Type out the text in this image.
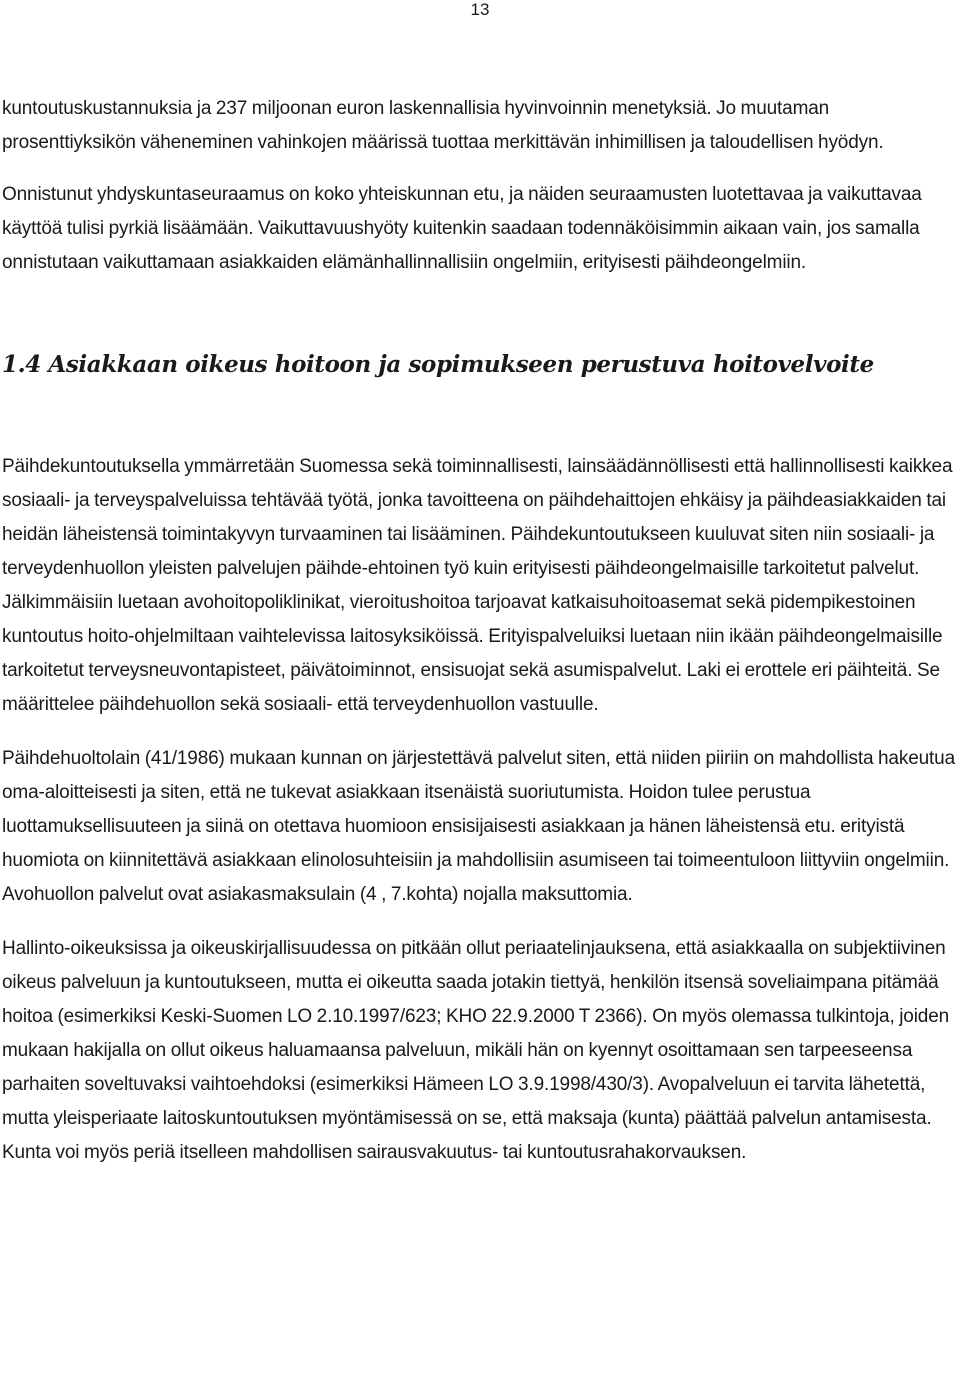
13

kuntoutuskustannuksia ja 237 miljoonan euron laskennallisia hyvinvoinnin menetyksiä. Jo muutaman prosenttiyksikön väheneminen vahinkojen määrissä tuottaa merkittävän inhimillisen ja taloudellisen hyödyn.

Onnistunut yhdyskuntaseuraamus on koko yhteiskunnan etu, ja näiden seuraamusten luotettavaa ja vaikuttavaa käyttöä tulisi pyrkiä lisäämään. Vaikuttavuushyöty kuitenkin saadaan todennäköisimmin aikaan vain, jos samalla onnistutaan vaikuttamaan asiakkaiden elämänhallinnallisiin ongelmiin, erityisesti päihdeongelmiin.

1.4 Asiakkaan oikeus hoitoon ja sopimukseen perustuva hoitovelvoite

Päihdekuntoutuksella ymmärretään Suomessa sekä toiminnallisesti, lainsäädännöllisesti että hallinnollisesti kaikkea sosiaali- ja terveyspalveluissa tehtävää työtä, jonka tavoitteena on päihdehaittojen ehkäisy ja päihdeasiakkaiden tai heidän läheistensä toimintakyvyn turvaaminen tai lisääminen. Päihdekuntoutukseen kuuluvat siten niin sosiaali- ja terveydenhuollon yleisten palvelujen päihde-ehtoinen työ kuin erityisesti päihdeongelmaisille tarkoitetut palvelut. Jälkimmäisiin luetaan avohoitopoliklinikat, vieroitushoitoa tarjoavat katkaisuhoitoasemat sekä pidempikestoinen kuntoutus hoito-ohjelmiltaan vaihtelevissa laitosyksiköissä. Erityispalveluiksi luetaan niin ikään päihdeongelmaisille tarkoitetut terveysneuvontapisteet, päivätoiminnot, ensisuojat sekä asumispalvelut. Laki ei erottele eri päihteitä. Se määrittelee päihdehuollon sekä sosiaali- että terveydenhuollon vastuulle.

Päihdehuoltolain (41/1986) mukaan kunnan on järjestettävä palvelut siten, että niiden piiriin on mahdollista hakeutua oma-aloitteisesti ja siten, että ne tukevat asiakkaan itsenäistä suoriutumista. Hoidon tulee perustua luottamuksellisuuteen ja siinä on otettava huomioon ensisijaisesti asiakkaan ja hänen läheistensä etu. erityistä huomiota on kiinnitettävä asiakkaan elinolosuhteisiin ja mahdollisiin asumiseen tai toimeentuloon liittyviin ongelmiin. Avohuollon palvelut ovat asiakasmaksulain (4 , 7.kohta) nojalla maksuttomia.

Hallinto-oikeuksissa ja oikeuskirjallisuudessa on pitkään ollut periaatelinjauksena, että asiakkaalla on subjektiivinen oikeus palveluun ja kuntoutukseen, mutta ei oikeutta saada jotakin tiettyä, henkilön itsensä soveliaimpana pitämää hoitoa (esimerkiksi Keski-Suomen LO 2.10.1997/623; KHO 22.9.2000 T 2366). On myös olemassa tulkintoja, joiden mukaan hakijalla on ollut oikeus haluamaansa palveluun, mikäli hän on kyennyt osoittamaan sen tarpeeseensa parhaiten soveltuvaksi vaihtoehdoksi (esimerkiksi Hämeen LO 3.9.1998/430/3). Avopalveluun ei tarvita lähetettä, mutta yleisperiaate laitoskuntoutuksen myöntämisessä on se, että maksaja (kunta) päättää palvelun antamisesta. Kunta voi myös periä itselleen mahdollisen sairausvakuutus- tai kuntoutusrahakorvauksen.
